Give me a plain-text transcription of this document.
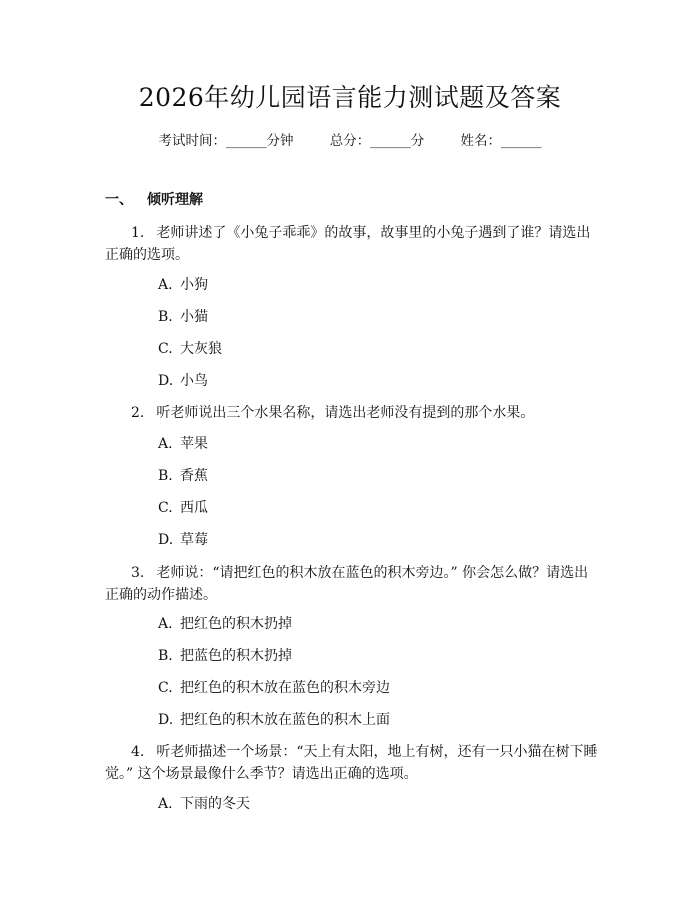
2026年幼儿园语言能力测试题及答案
考试时间：______分钟	总分：______分	姓名：______
一、 倾听理解
1. 老师讲述了《小兔子乖乖》的故事，故事里的小兔子遇到了谁？请选出正确的选项。
A. 小狗
B. 小猫
C. 大灰狼
D. 小鸟
2. 听老师说出三个水果名称，请选出老师没有提到的那个水果。
A. 苹果
B. 香蕉
C. 西瓜
D. 草莓
3. 老师说：“请把红色的积木放在蓝色的积木旁边。” 你会怎么做？请选出正确的动作描述。
A. 把红色的积木扔掉
B. 把蓝色的积木扔掉
C. 把红色的积木放在蓝色的积木旁边
D. 把红色的积木放在蓝色的积木上面
4. 听老师描述一个场景：“天上有太阳，地上有树，还有一只小猫在树下睡觉。” 这个场景最像什么季节？请选出正确的选项。
A. 下雨的冬天
